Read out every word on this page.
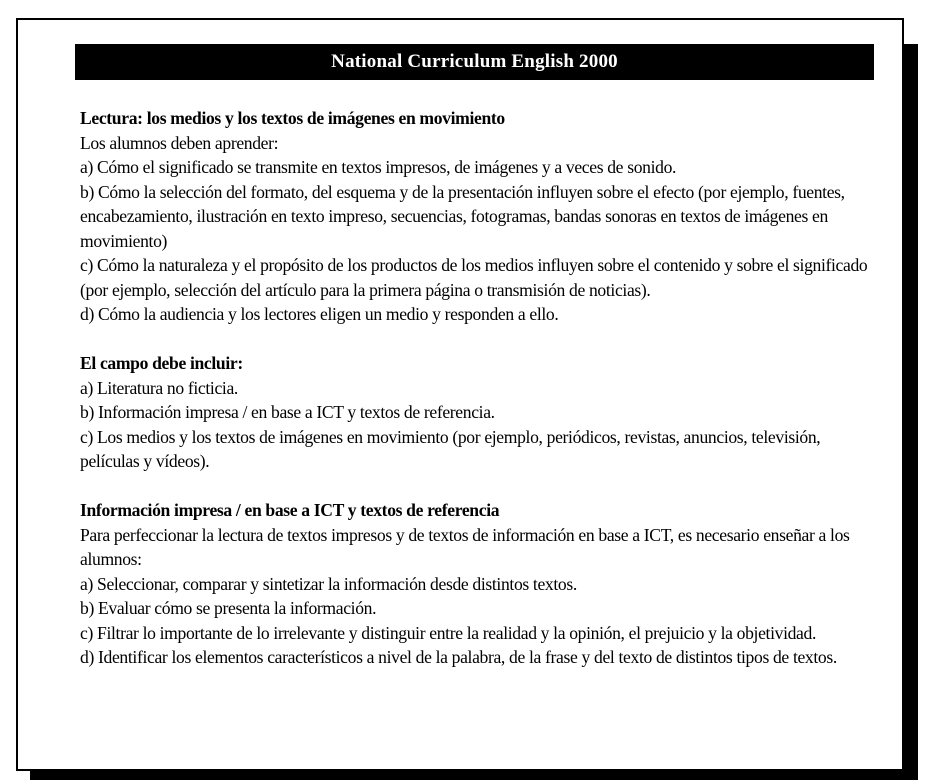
National Curriculum English 2000
Lectura: los medios y los textos de imágenes en movimiento
Los alumnos deben aprender:
a) Cómo el significado se transmite en textos impresos, de imágenes y a veces de sonido.
b) Cómo la selección del formato, del esquema y de la presentación influyen sobre el efecto (por ejemplo, fuentes, encabezamiento, ilustración en texto impreso, secuencias, fotogramas, bandas sonoras en textos de imágenes en movimiento)
c) Cómo la naturaleza y el propósito de los productos de los medios influyen sobre el contenido y sobre el significado (por ejemplo, selección del artículo para la primera página o transmisión de noticias).
d) Cómo la audiencia y los lectores eligen un medio y responden a ello.
El campo debe incluir:
a) Literatura no ficticia.
b) Información impresa / en base a ICT y textos de referencia.
c) Los medios y los textos de imágenes en movimiento (por ejemplo, periódicos, revistas, anuncios, televisión, películas y vídeos).
Información impresa / en base a ICT y textos de referencia
Para perfeccionar la lectura de textos impresos y de textos de información en base a ICT, es necesario enseñar a los alumnos:
a) Seleccionar, comparar y sintetizar la información desde distintos textos.
b) Evaluar cómo se presenta la información.
c) Filtrar lo importante de lo irrelevante y distinguir entre la realidad y la opinión, el prejuicio y la objetividad.
d) Identificar los elementos característicos a nivel de la palabra, de la frase y del texto de distintos tipos de textos.
